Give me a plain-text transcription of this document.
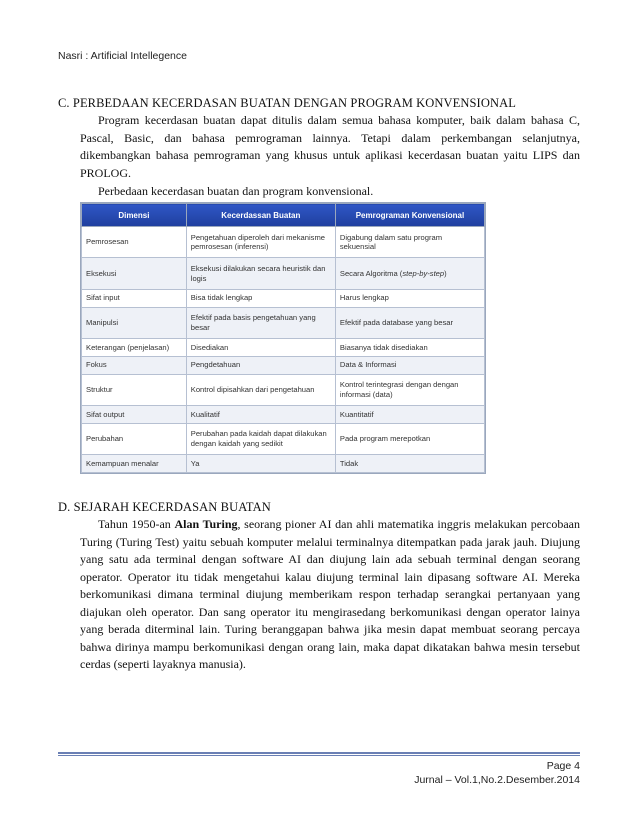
Nasri : Artificial Intellegence
C. PERBEDAAN KECERDASAN BUATAN DENGAN PROGRAM KONVENSIONAL

Program kecerdasan buatan dapat ditulis dalam semua bahasa komputer, baik dalam bahasa C, Pascal, Basic, dan bahasa pemrograman lainnya. Tetapi dalam perkembangan selanjutnya, dikembangkan bahasa pemrograman yang khusus untuk aplikasi kecerdasan buatan yaitu LIPS dan PROLOG.

Perbedaan kecerdasan buatan dan program konvensional.
Dimensi	Kecerdassan Buatan	Pemrograman Konvensional
Pemrosesan	Pengetahuan diperoleh dari mekanisme pemrosesan (inferensi)	Digabung dalam satu program sekuensial
Eksekusi	Eksekusi dilakukan secara heuristik dan logis	Secara Algoritma (step-by-step)
Sifat input	Bisa tidak lengkap	Harus lengkap
Manipulsi	Efektif pada basis pengetahuan yang besar	Efektif pada database yang besar
Keterangan (penjelasan)	Disediakan	Biasanya tidak disediakan
Fokus	Pengdetahuan	Data & Informasi
Struktur	Kontrol dipisahkan dari pengetahuan	Kontrol terintegrasi dengan dengan informasi (data)
Sifat output	Kualitatif	Kuantitatif
Perubahan	Perubahan pada kaidah dapat dilakukan dengan kaidah yang sedikit	Pada program merepotkan
Kemampuan menalar	Ya	Tidak
D. SEJARAH KECERDASAN BUATAN

Tahun 1950-an Alan Turing, seorang pioner AI dan ahli matematika inggris melakukan percobaan Turing (Turing Test) yaitu sebuah komputer melalui terminalnya ditempatkan pada jarak jauh. Diujung yang satu ada terminal dengan software AI dan diujung lain ada sebuah terminal dengan seorang operator. Operator itu tidak mengetahui kalau diujung terminal lain dipasang software AI. Mereka berkomunikasi dimana terminal diujung memberikam respon terhadap serangkai pertanyaan yang diajukan oleh operator. Dan sang operator itu mengirasedang berkomunikasi dengan operator lainya yang berada diterminal lain. Turing beranggapan bahwa jika mesin dapat membuat seorang percaya bahwa dirinya mampu berkomunikasi dengan orang lain, maka dapat dikatakan bahwa mesin tersebut cerdas (seperti layaknya manusia).

Page 4
Jurnal – Vol.1,No.2.Desember.2014
